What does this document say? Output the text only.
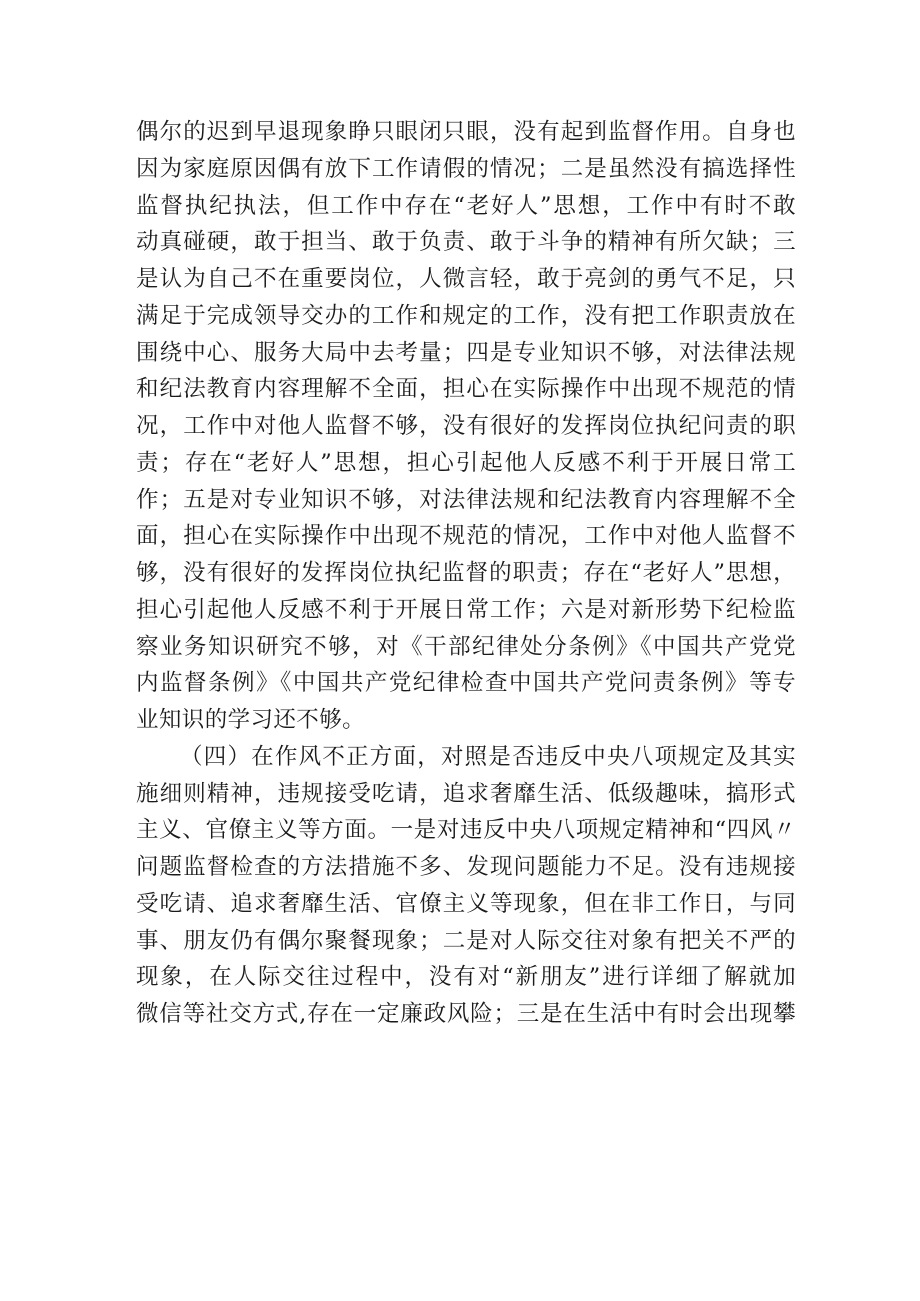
偶尔的迟到早退现象睁只眼闭只眼，没有起到监督作用。自身也
因为家庭原因偶有放下工作请假的情况；二是虽然没有搞选择性
监督执纪执法，但工作中存在“老好人”思想，工作中有时不敢
动真碰硬，敢于担当、敢于负责、敢于斗争的精神有所欠缺；三
是认为自己不在重要岗位，人微言轻，敢于亮剑的勇气不足，只
满足于完成领导交办的工作和规定的工作，没有把工作职责放在
围绕中心、服务大局中去考量；四是专业知识不够，对法律法规
和纪法教育内容理解不全面，担心在实际操作中出现不规范的情
况，工作中对他人监督不够，没有很好的发挥岗位执纪问责的职
责；存在“老好人”思想，担心引起他人反感不利于开展日常工
作；五是对专业知识不够，对法律法规和纪法教育内容理解不全
面，担心在实际操作中出现不规范的情况，工作中对他人监督不
够，没有很好的发挥岗位执纪监督的职责；存在“老好人”思想，
担心引起他人反感不利于开展日常工作；六是对新形势下纪检监
察业务知识研究不够，对《干部纪律处分条例》《中国共产党党
内监督条例》《中国共产党纪律检查中国共产党问责条例》等专
业知识的学习还不够。
（四）在作风不正方面，对照是否违反中央八项规定及其实
施细则精神，违规接受吃请，追求奢靡生活、低级趣味，搞形式
主义、官僚主义等方面。一是对违反中央八项规定精神和“四风〃
问题监督检查的方法措施不多、发现问题能力不足。没有违规接
受吃请、追求奢靡生活、官僚主义等现象，但在非工作日，与同
事、朋友仍有偶尔聚餐现象；二是对人际交往对象有把关不严的
现象，在人际交往过程中，没有对“新朋友”进行详细了解就加
微信等社交方式,存在一定廉政风险；三是在生活中有时会出现攀
